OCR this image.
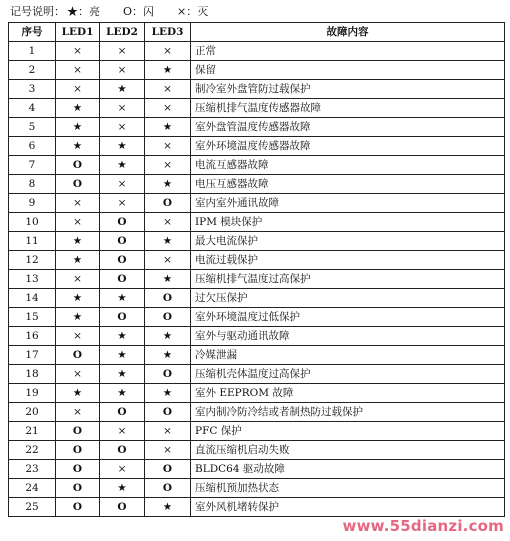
记号说明： ★：亮 O：闪 ×：灭
序号	LED1	LED2	LED3	故障内容
1	×	×	×	正常
2	×	×	★	保留
3	×	★	×	制冷室外盘管防过载保护
4	★	×	×	压缩机排气温度传感器故障
5	★	×	★	室外盘管温度传感器故障
6	★	★	×	室外环境温度传感器故障
7	O	★	×	电流互感器故障
8	O	×	★	电压互感器故障
9	×	×	O	室内室外通讯故障
10	×	O	×	IPM 模块保护
11	★	O	★	最大电流保护
12	★	O	×	电流过载保护
13	×	O	★	压缩机排气温度过高保护
14	★	★	O	过欠压保护
15	★	O	O	室外环境温度过低保护
16	×	★	★	室外与驱动通讯故障
17	O	★	★	冷媒泄漏
18	×	★	O	压缩机壳体温度过高保护
19	★	★	★	室外 EEPROM 故障
20	×	O	O	室内制冷防冷结或者制热防过载保护
21	O	×	×	PFC 保护
22	O	O	×	直流压缩机启动失败
23	O	×	O	BLDC64 驱动故障
24	O	★	O	压缩机预加热状态
25	O	O	★	室外风机堵转保护
www.55dianzi.com
